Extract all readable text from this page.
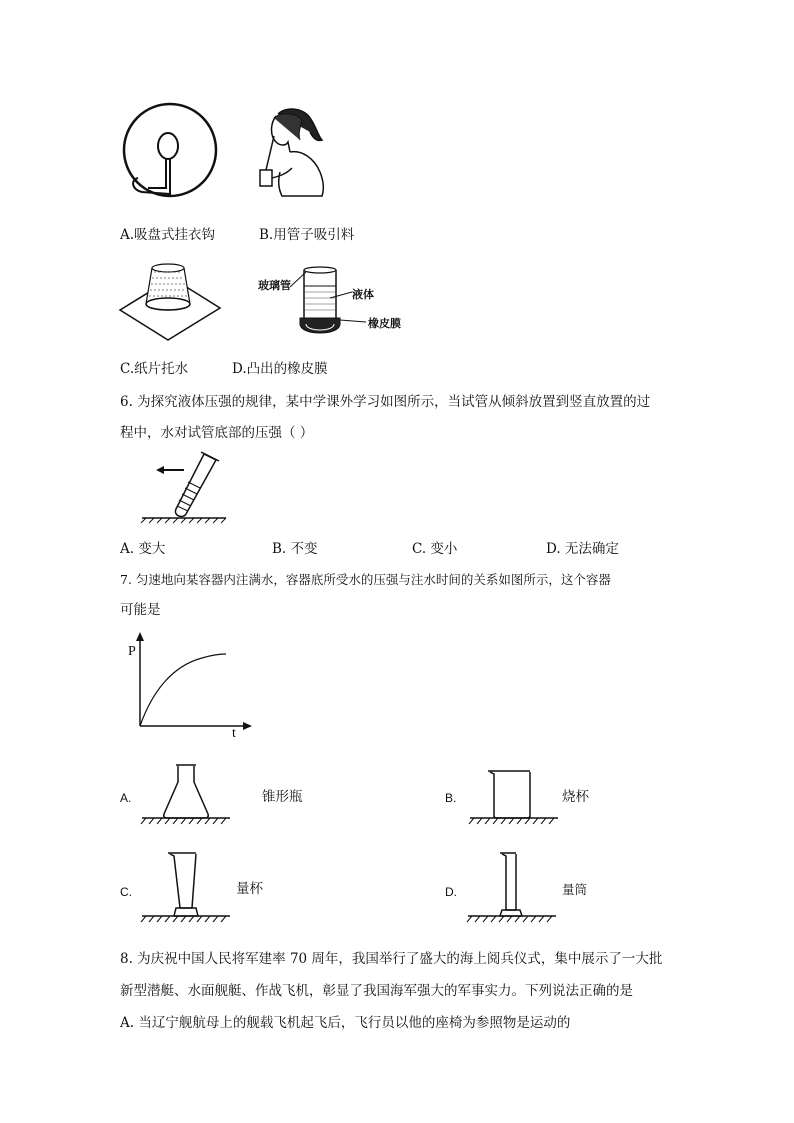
A.吸盘式挂衣钩	B.用管子吸引料
玻璃管
液体
橡皮膜
C.纸片托水	D.凸出的橡皮膜
6. 为探究液体压强的规律，某中学课外学习如图所示，当试管从倾斜放置到竖直放置的过
程中，水对试管底部的压强（ ）
A. 变大	B. 不变	C. 变小	D. 无法确定
7. 匀速地向某容器内注满水，容器底所受水的压强与注水时间的关系如图所示，这个容器
可能是
P
t
A.	锥形瓶	B.	烧杯
C.	量杯	D.	量筒
8. 为庆祝中国人民将军建率 70 周年，我国举行了盛大的海上阅兵仪式，集中展示了一大批
新型潜艇、水面舰艇、作战飞机，彰显了我国海军强大的军事实力。下列说法正确的是
A. 当辽宁舰航母上的舰载飞机起飞后，飞行员以他的座椅为参照物是运动的
